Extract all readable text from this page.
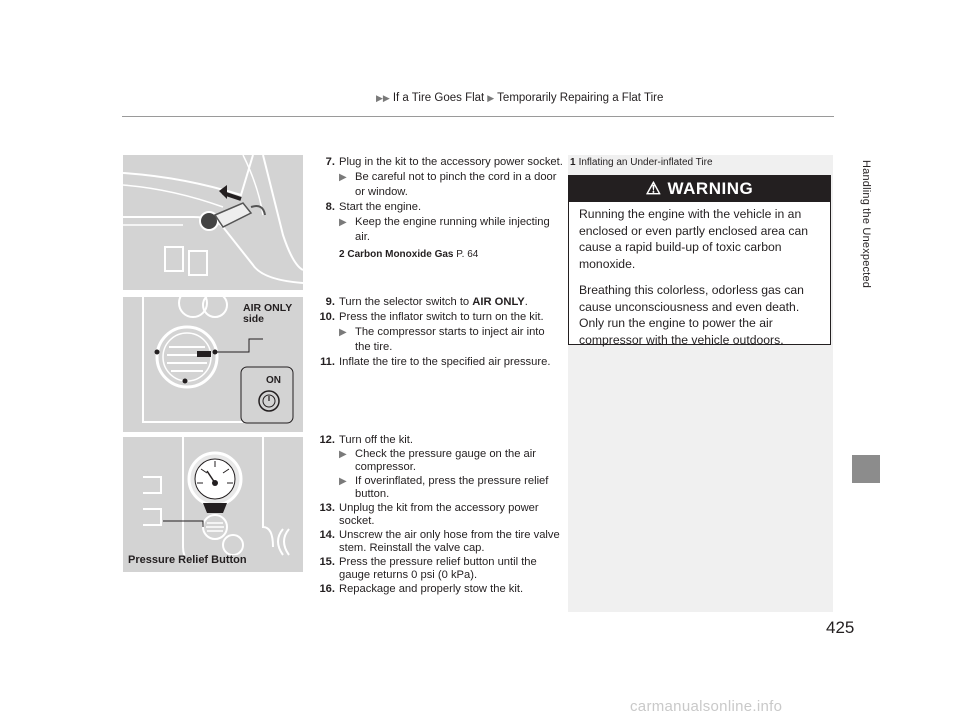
▶▶ If a Tire Goes Flat ▶ Temporarily Repairing a Flat Tire
Handling the Unexpected
AIR ONLY side
ON
Pressure Relief Button

7. Plug in the kit to the accessory power socket.

▶ Be careful not to pinch the cord in a door or window.

8. Start the engine.

▶ Keep the engine running while injecting air.

2 Carbon Monoxide Gas P. 64

9. Turn the selector switch to AIR ONLY.

10. Press the inflator switch to turn on the kit.

▶ The compressor starts to inject air into the tire.

11. Inflate the tire to the specified air pressure.

12. Turn off the kit.

▶ Check the pressure gauge on the air compressor.

▶ If overinflated, press the pressure relief button.

13. Unplug the kit from the accessory power socket.

14. Unscrew the air only hose from the tire valve stem. Reinstall the valve cap.

15. Press the pressure relief button until the gauge returns 0 psi (0 kPa).

16. Repackage and properly stow the kit.

1 Inflating an Under-inflated Tire
⚠ WARNING

Running the engine with the vehicle in an enclosed or even partly enclosed area can cause a rapid build-up of toxic carbon monoxide.

Breathing this colorless, odorless gas can cause unconsciousness and even death. Only run the engine to power the air compressor with the vehicle outdoors.

425
carmanualsonline.info
